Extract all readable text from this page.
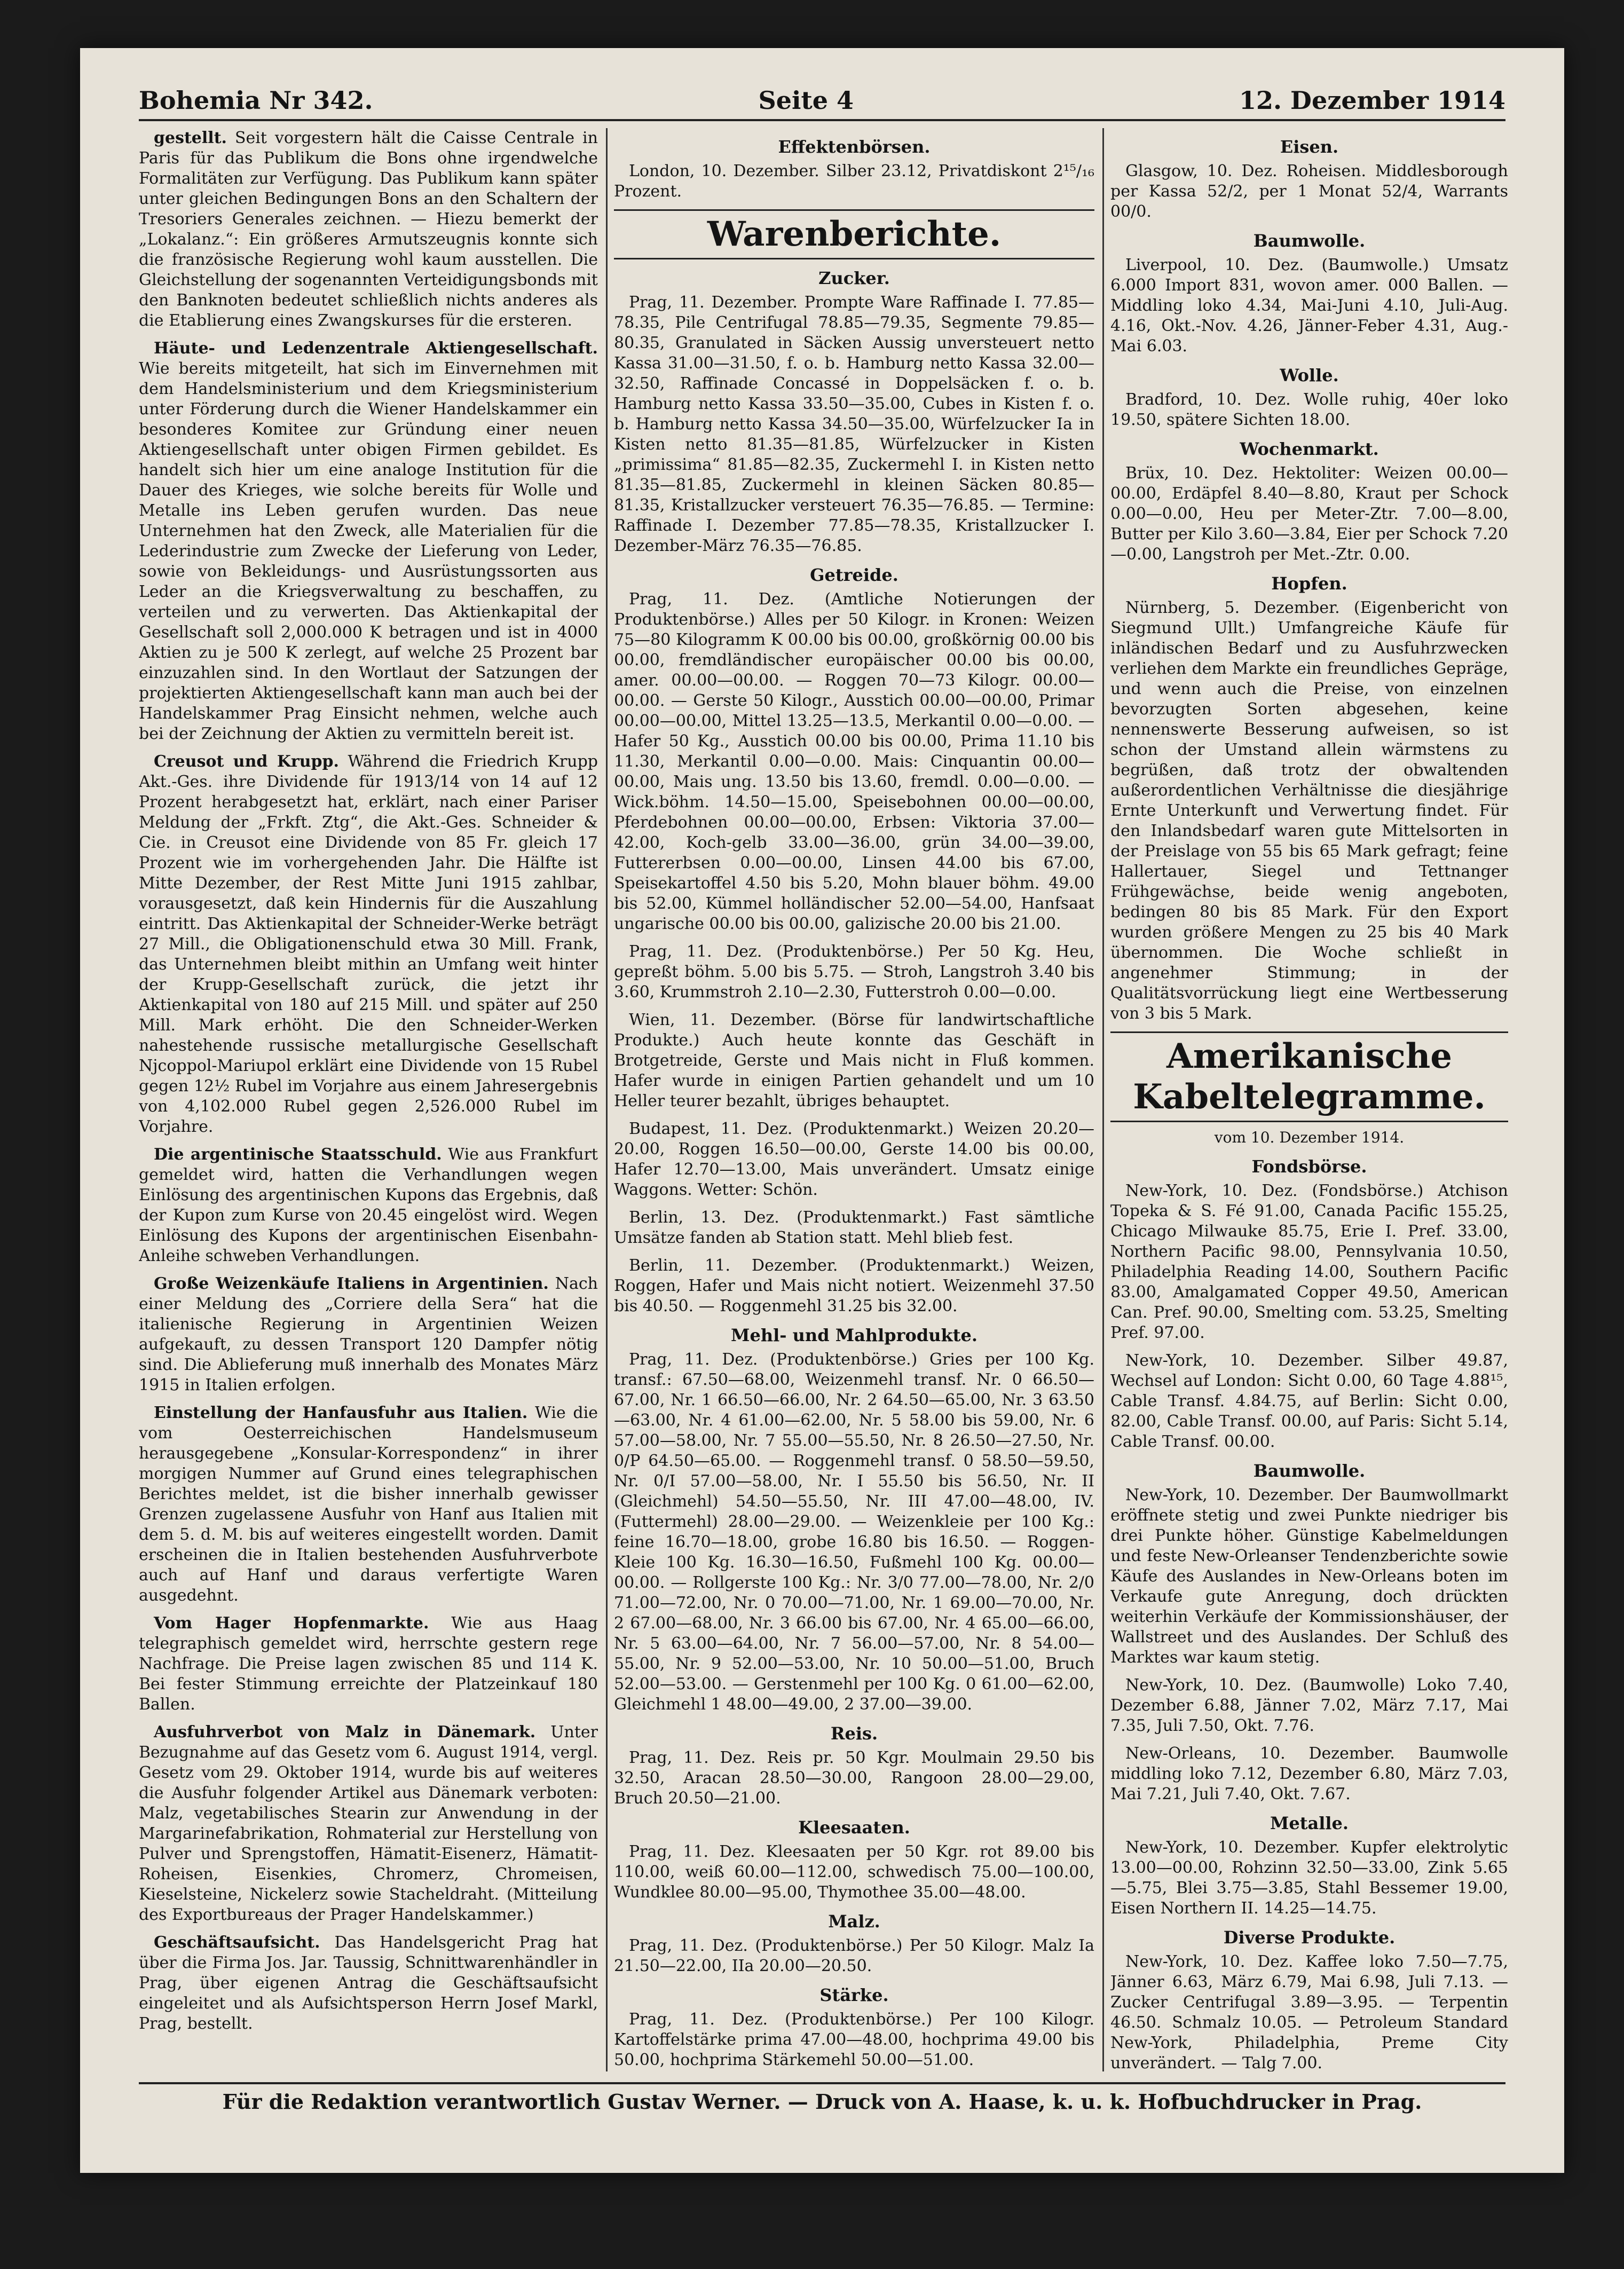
Bohemia Nr 342.	Seite 4	12. Dezember 1914

gestellt. Seit vorgestern hält die Caisse Centrale in Paris für das Publikum die Bons ohne irgendwelche Formalitäten zur Verfügung. Das Publikum kann später unter gleichen Bedingungen Bons an den Schaltern der Tresoriers Generales zeichnen. — Hiezu bemerkt der „Lokalanz.“: Ein größeres Armutszeugnis konnte sich die französische Regierung wohl kaum ausstellen. Die Gleichstellung der sogenannten Verteidigungsbonds mit den Banknoten bedeutet schließlich nichts anderes als die Etablierung eines Zwangskurses für die ersteren.

Häute- und Ledenzentrale Aktiengesellschaft. Wie bereits mitgeteilt, hat sich im Einvernehmen mit dem Handelsministerium und dem Kriegsministerium unter Förderung durch die Wiener Handelskammer ein besonderes Komitee zur Gründung einer neuen Aktiengesellschaft unter obigen Firmen gebildet. Es handelt sich hier um eine analoge Institution für die Dauer des Krieges, wie solche bereits für Wolle und Metalle ins Leben gerufen wurden. Das neue Unternehmen hat den Zweck, alle Materialien für die Lederindustrie zum Zwecke der Lieferung von Leder, sowie von Bekleidungs- und Ausrüstungssorten aus Leder an die Kriegsverwaltung zu beschaffen, zu verteilen und zu verwerten. Das Aktienkapital der Gesellschaft soll 2,000.000 K betragen und ist in 4000 Aktien zu je 500 K zerlegt, auf welche 25 Prozent bar einzuzahlen sind. In den Wortlaut der Satzungen der projektierten Aktiengesellschaft kann man auch bei der Handelskammer Prag Einsicht nehmen, welche auch bei der Zeichnung der Aktien zu vermitteln bereit ist.

Creusot und Krupp. Während die Friedrich Krupp Akt.-Ges. ihre Dividende für 1913/14 von 14 auf 12 Prozent herabgesetzt hat, erklärt, nach einer Pariser Meldung der „Frkft. Ztg“, die Akt.-Ges. Schneider & Cie. in Creusot eine Dividende von 85 Fr. gleich 17 Prozent wie im vorhergehenden Jahr. Die Hälfte ist Mitte Dezember, der Rest Mitte Juni 1915 zahlbar, vorausgesetzt, daß kein Hindernis für die Auszahlung eintritt. Das Aktienkapital der Schneider-Werke beträgt 27 Mill., die Obligationenschuld etwa 30 Mill. Frank, das Unternehmen bleibt mithin an Umfang weit hinter der Krupp-Gesellschaft zurück, die jetzt ihr Aktienkapital von 180 auf 215 Mill. und später auf 250 Mill. Mark erhöht. Die den Schneider-Werken nahestehende russische metallurgische Gesellschaft Njcoppol-Mariupol erklärt eine Dividende von 15 Rubel gegen 12½ Rubel im Vorjahre aus einem Jahresergebnis von 4,102.000 Rubel gegen 2,526.000 Rubel im Vorjahre.

Die argentinische Staatsschuld. Wie aus Frankfurt gemeldet wird, hatten die Verhandlungen wegen Einlösung des argentinischen Kupons das Ergebnis, daß der Kupon zum Kurse von 20.45 eingelöst wird. Wegen Einlösung des Kupons der argentinischen Eisenbahn-Anleihe schweben Verhandlungen.

Große Weizenkäufe Italiens in Argentinien. Nach einer Meldung des „Corriere della Sera“ hat die italienische Regierung in Argentinien Weizen aufgekauft, zu dessen Transport 120 Dampfer nötig sind. Die Ablieferung muß innerhalb des Monates März 1915 in Italien erfolgen.

Einstellung der Hanfausfuhr aus Italien. Wie die vom Oesterreichischen Handelsmuseum herausgegebene „Konsular-Korrespondenz“ in ihrer morgigen Nummer auf Grund eines telegraphischen Berichtes meldet, ist die bisher innerhalb gewisser Grenzen zugelassene Ausfuhr von Hanf aus Italien mit dem 5. d. M. bis auf weiteres eingestellt worden. Damit erscheinen die in Italien bestehenden Ausfuhrverbote auch auf Hanf und daraus verfertigte Waren ausgedehnt.

Vom Hager Hopfenmarkte. Wie aus Haag telegraphisch gemeldet wird, herrschte gestern rege Nachfrage. Die Preise lagen zwischen 85 und 114 K. Bei fester Stimmung erreichte der Platzeinkauf 180 Ballen.

Ausfuhrverbot von Malz in Dänemark. Unter Bezugnahme auf das Gesetz vom 6. August 1914, vergl. Gesetz vom 29. Oktober 1914, wurde bis auf weiteres die Ausfuhr folgender Artikel aus Dänemark verboten: Malz, vegetabilisches Stearin zur Anwendung in der Margarinefabrikation, Rohmaterial zur Herstellung von Pulver und Sprengstoffen, Hämatit-Eisenerz, Hämatit-Roheisen, Eisenkies, Chromerz, Chromeisen, Kieselsteine, Nickelerz sowie Stacheldraht. (Mitteilung des Exportbureaus der Prager Handelskammer.)

Geschäftsaufsicht. Das Handelsgericht Prag hat über die Firma Jos. Jar. Taussig, Schnittwarenhändler in Prag, über eigenen Antrag die Geschäftsaufsicht eingeleitet und als Aufsichtsperson Herrn Josef Markl, Prag, bestellt.

Effektenbörsen.

London, 10. Dezember. Silber 23.12, Privatdiskont 2¹⁵/₁₆ Prozent.

Warenberichte.
Zucker.

Prag, 11. Dezember. Prompte Ware Raffinade I. 77.85—78.35, Pile Centrifugal 78.85—79.35, Segmente 79.85—80.35, Granulated in Säcken Aussig unversteuert netto Kassa 31.00—31.50, f. o. b. Hamburg netto Kassa 32.00—32.50, Raffinade Concassé in Doppelsäcken f. o. b. Hamburg netto Kassa 33.50—35.00, Cubes in Kisten f. o. b. Hamburg netto Kassa 34.50—35.00, Würfelzucker Ia in Kisten netto 81.35—81.85, Würfelzucker in Kisten „primissima“ 81.85—82.35, Zuckermehl I. in Kisten netto 81.35—81.85, Zuckermehl in kleinen Säcken 80.85—81.35, Kristallzucker versteuert 76.35—76.85. — Termine: Raffinade I. Dezember 77.85—78.35, Kristallzucker I. Dezember-März 76.35—76.85.

Getreide.

Prag, 11. Dez. (Amtliche Notierungen der Produktenbörse.) Alles per 50 Kilogr. in Kronen: Weizen 75—80 Kilogramm K 00.00 bis 00.00, großkörnig 00.00 bis 00.00, fremdländischer europäischer 00.00 bis 00.00, amer. 00.00—00.00. — Roggen 70—73 Kilogr. 00.00—00.00. — Gerste 50 Kilogr., Ausstich 00.00—00.00, Primar 00.00—00.00, Mittel 13.25—13.5, Merkantil 0.00—0.00. — Hafer 50 Kg., Ausstich 00.00 bis 00.00, Prima 11.10 bis 11.30, Merkantil 0.00—0.00. Mais: Cinquantin 00.00—00.00, Mais ung. 13.50 bis 13.60, fremdl. 0.00—0.00. — Wick.böhm. 14.50—15.00, Speisebohnen 00.00—00.00, Pferdebohnen 00.00—00.00, Erbsen: Viktoria 37.00—42.00, Koch-gelb 33.00—36.00, grün 34.00—39.00, Futtererbsen 0.00—00.00, Linsen 44.00 bis 67.00, Speisekartoffel 4.50 bis 5.20, Mohn blauer böhm. 49.00 bis 52.00, Kümmel holländischer 52.00—54.00, Hanfsaat ungarische 00.00 bis 00.00, galizische 20.00 bis 21.00.

Prag, 11. Dez. (Produktenbörse.) Per 50 Kg. Heu, gepreßt böhm. 5.00 bis 5.75. — Stroh, Langstroh 3.40 bis 3.60, Krummstroh 2.10—2.30, Futterstroh 0.00—0.00.

Wien, 11. Dezember. (Börse für landwirtschaftliche Produkte.) Auch heute konnte das Geschäft in Brotgetreide, Gerste und Mais nicht in Fluß kommen. Hafer wurde in einigen Partien gehandelt und um 10 Heller teurer bezahlt, übriges behauptet.

Budapest, 11. Dez. (Produktenmarkt.) Weizen 20.20—20.00, Roggen 16.50—00.00, Gerste 14.00 bis 00.00, Hafer 12.70—13.00, Mais unverändert. Umsatz einige Waggons. Wetter: Schön.

Berlin, 13. Dez. (Produktenmarkt.) Fast sämtliche Umsätze fanden ab Station statt. Mehl blieb fest.

Berlin, 11. Dezember. (Produktenmarkt.) Weizen, Roggen, Hafer und Mais nicht notiert. Weizenmehl 37.50 bis 40.50. — Roggenmehl 31.25 bis 32.00.

Mehl- und Mahlprodukte.

Prag, 11. Dez. (Produktenbörse.) Gries per 100 Kg. transf.: 67.50—68.00, Weizenmehl transf. Nr. 0 66.50—67.00, Nr. 1 66.50—66.00, Nr. 2 64.50—65.00, Nr. 3 63.50—63.00, Nr. 4 61.00—62.00, Nr. 5 58.00 bis 59.00, Nr. 6 57.00—58.00, Nr. 7 55.00—55.50, Nr. 8 26.50—27.50, Nr. 0/P 64.50—65.00. — Roggenmehl transf. 0 58.50—59.50, Nr. 0/I 57.00—58.00, Nr. I 55.50 bis 56.50, Nr. II (Gleichmehl) 54.50—55.50, Nr. III 47.00—48.00, IV. (Futtermehl) 28.00—29.00. — Weizenkleie per 100 Kg.: feine 16.70—18.00, grobe 16.80 bis 16.50. — Roggen-Kleie 100 Kg. 16.30—16.50, Fußmehl 100 Kg. 00.00—00.00. — Rollgerste 100 Kg.: Nr. 3/0 77.00—78.00, Nr. 2/0 71.00—72.00, Nr. 0 70.00—71.00, Nr. 1 69.00—70.00, Nr. 2 67.00—68.00, Nr. 3 66.00 bis 67.00, Nr. 4 65.00—66.00, Nr. 5 63.00—64.00, Nr. 7 56.00—57.00, Nr. 8 54.00—55.00, Nr. 9 52.00—53.00, Nr. 10 50.00—51.00, Bruch 52.00—53.00. — Gerstenmehl per 100 Kg. 0 61.00—62.00, Gleichmehl 1 48.00—49.00, 2 37.00—39.00.

Reis.

Prag, 11. Dez. Reis pr. 50 Kgr. Moulmain 29.50 bis 32.50, Aracan 28.50—30.00, Rangoon 28.00—29.00, Bruch 20.50—21.00.

Kleesaaten.

Prag, 11. Dez. Kleesaaten per 50 Kgr. rot 89.00 bis 110.00, weiß 60.00—112.00, schwedisch 75.00—100.00, Wundklee 80.00—95.00, Thymothee 35.00—48.00.

Malz.

Prag, 11. Dez. (Produktenbörse.) Per 50 Kilogr. Malz Ia 21.50—22.00, IIa 20.00—20.50.

Stärke.

Prag, 11. Dez. (Produktenbörse.) Per 100 Kilogr. Kartoffelstärke prima 47.00—48.00, hochprima 49.00 bis 50.00, hochprima Stärkemehl 50.00—51.00.

Eisen.

Glasgow, 10. Dez. Roheisen. Middlesborough per Kassa 52/2, per 1 Monat 52/4, Warrants 00/0.

Baumwolle.

Liverpool, 10. Dez. (Baumwolle.) Umsatz 6.000 Import 831, wovon amer. 000 Ballen. — Middling loko 4.34, Mai-Juni 4.10, Juli-Aug. 4.16, Okt.-Nov. 4.26, Jänner-Feber 4.31, Aug.-Mai 6.03.

Wolle.

Bradford, 10. Dez. Wolle ruhig, 40er loko 19.50, spätere Sichten 18.00.

Wochenmarkt.

Brüx, 10. Dez. Hektoliter: Weizen 00.00—00.00, Erdäpfel 8.40—8.80, Kraut per Schock 0.00—0.00, Heu per Meter-Ztr. 7.00—8.00, Butter per Kilo 3.60—3.84, Eier per Schock 7.20—0.00, Langstroh per Met.-Ztr. 0.00.

Hopfen.

Nürnberg, 5. Dezember. (Eigenbericht von Siegmund Ullt.) Umfangreiche Käufe für inländischen Bedarf und zu Ausfuhrzwecken verliehen dem Markte ein freundliches Gepräge, und wenn auch die Preise, von einzelnen bevorzugten Sorten abgesehen, keine nennenswerte Besserung aufweisen, so ist schon der Umstand allein wärmstens zu begrüßen, daß trotz der obwaltenden außerordentlichen Verhältnisse die diesjährige Ernte Unterkunft und Verwertung findet. Für den Inlandsbedarf waren gute Mittelsorten in der Preislage von 55 bis 65 Mark gefragt; feine Hallertauer, Siegel und Tettnanger Frühgewächse, beide wenig angeboten, bedingen 80 bis 85 Mark. Für den Export wurden größere Mengen zu 25 bis 40 Mark übernommen. Die Woche schließt in angenehmer Stimmung; in der Qualitätsvorrückung liegt eine Wertbesserung von 3 bis 5 Mark.

Amerikanische Kabeltelegramme.
vom 10. Dezember 1914.
Fondsbörse.

New-York, 10. Dez. (Fondsbörse.) Atchison Topeka & S. Fé 91.00, Canada Pacific 155.25, Chicago Milwauke 85.75, Erie I. Pref. 33.00, Northern Pacific 98.00, Pennsylvania 10.50, Philadelphia Reading 14.00, Southern Pacific 83.00, Amalgamated Copper 49.50, American Can. Pref. 90.00, Smelting com. 53.25, Smelting Pref. 97.00.

New-York, 10. Dezember. Silber 49.87, Wechsel auf London: Sicht 0.00, 60 Tage 4.88¹⁵, Cable Transf. 4.84.75, auf Berlin: Sicht 0.00, 82.00, Cable Transf. 00.00, auf Paris: Sicht 5.14, Cable Transf. 00.00.

Baumwolle.

New-York, 10. Dezember. Der Baumwollmarkt eröffnete stetig und zwei Punkte niedriger bis drei Punkte höher. Günstige Kabelmeldungen und feste New-Orleanser Tendenzberichte sowie Käufe des Auslandes in New-Orleans boten im Verkaufe gute Anregung, doch drückten weiterhin Verkäufe der Kommissionshäuser, der Wallstreet und des Auslandes. Der Schluß des Marktes war kaum stetig.

New-York, 10. Dez. (Baumwolle) Loko 7.40, Dezember 6.88, Jänner 7.02, März 7.17, Mai 7.35, Juli 7.50, Okt. 7.76.

New-Orleans, 10. Dezember. Baumwolle middling loko 7.12, Dezember 6.80, März 7.03, Mai 7.21, Juli 7.40, Okt. 7.67.

Metalle.

New-York, 10. Dezember. Kupfer elektrolytic 13.00—00.00, Rohzinn 32.50—33.00, Zink 5.65—5.75, Blei 3.75—3.85, Stahl Bessemer 19.00, Eisen Northern II. 14.25—14.75.

Diverse Produkte.

New-York, 10. Dez. Kaffee loko 7.50—7.75, Jänner 6.63, März 6.79, Mai 6.98, Juli 7.13. — Zucker Centrifugal 3.89—3.95. — Terpentin 46.50. Schmalz 10.05. — Petroleum Standard New-York, Philadelphia, Preme City unverändert. — Talg 7.00.

Für die Redaktion verantwortlich Gustav Werner. — Druck von A. Haase, k. u. k. Hofbuchdrucker in Prag.
